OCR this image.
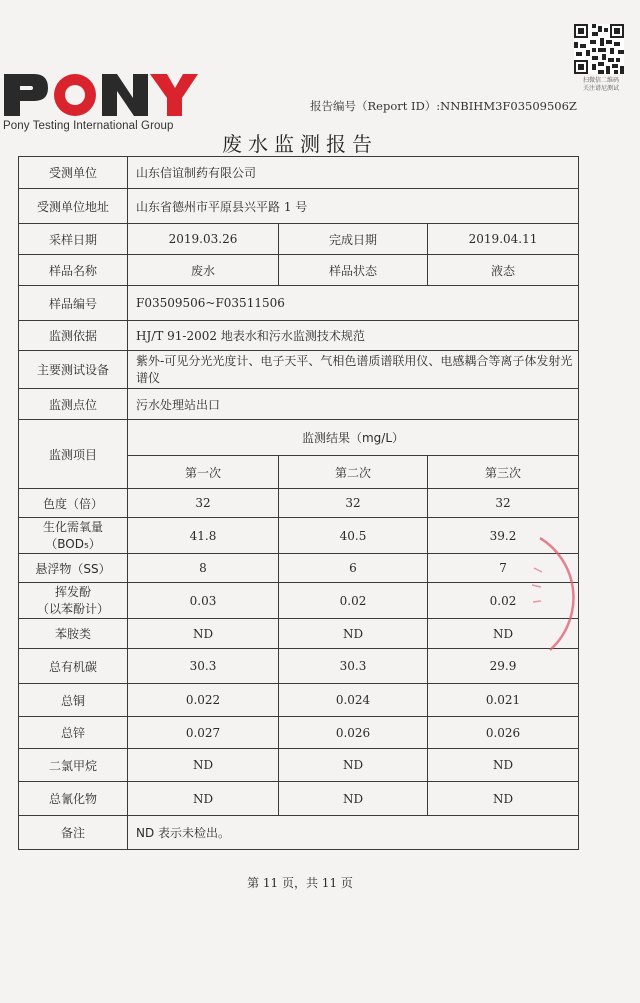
Pony Testing International Group
扫微信二维码
关注谱尼测试
报告编号（Report ID）:NNBIHM3F03509506Z
废水监测报告
受测单位	山东信谊制药有限公司		
受测单位地址	山东省德州市平原县兴平路 1 号		
采样日期	2019.03.26	完成日期	2019.04.11
样品名称	废水	样品状态	液态
样品编号	F03509506~F03511506		
监测依据	HJ/T 91-2002 地表水和污水监测技术规范		
主要测试设备	紫外-可见分光光度计、电子天平、气相色谱质谱联用仪、电感耦合等离子体发射光谱仪		
监测点位	污水处理站出口		
监测项目	监测结果（mg/L）		
	第一次	第二次	第三次
色度（倍）	32	32	32

生化需氧量
（BOD₅）	41.8	40.5	39.2
悬浮物（SS）	8	6	7

挥发酚
（以苯酚计）	0.03	0.02	0.02
苯胺类	ND	ND	ND
总有机碳	30.3	30.3	29.9
总铜	0.022	0.024	0.021
总锌	0.027	0.026	0.026
二氯甲烷	ND	ND	ND
总氰化物	ND	ND	ND
备注	ND 表示未检出。		
第 11 页，共 11 页
